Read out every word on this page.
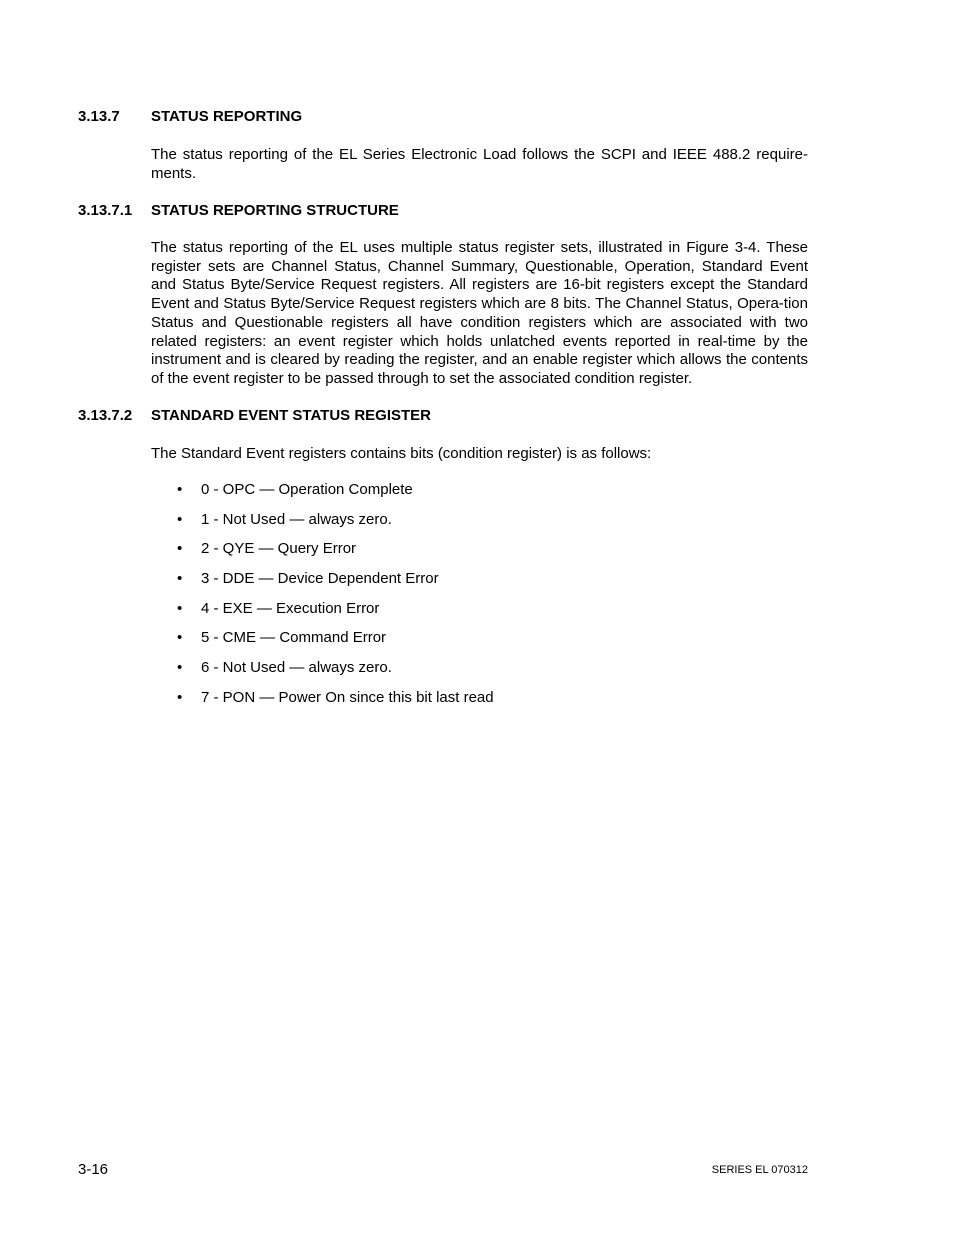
3.13.7 STATUS REPORTING

The status reporting of the EL Series Electronic Load follows the SCPI and IEEE 488.2 require-ments.

3.13.7.1 STATUS REPORTING STRUCTURE

The status reporting of the EL uses multiple status register sets, illustrated in Figure 3-4. These register sets are Channel Status, Channel Summary, Questionable, Operation, Standard Event and Status Byte/Service Request registers. All registers are 16-bit registers except the Standard Event and Status Byte/Service Request registers which are 8 bits. The Channel Status, Opera-tion Status and Questionable registers all have condition registers which are associated with two related registers: an event register which holds unlatched events reported in real-time by the instrument and is cleared by reading the register, and an enable register which allows the contents of the event register to be passed through to set the associated condition register.

3.13.7.2 STANDARD EVENT STATUS REGISTER

The Standard Event registers contains bits (condition register) is as follows:

• 0 - OPC — Operation Complete
• 1 - Not Used — always zero.
• 2 - QYE — Query Error
• 3 - DDE — Device Dependent Error
• 4 - EXE — Execution Error
• 5 - CME — Command Error
• 6 - Not Used — always zero.
• 7 - PON — Power On since this bit last read
3-16	SERIES EL 070312
